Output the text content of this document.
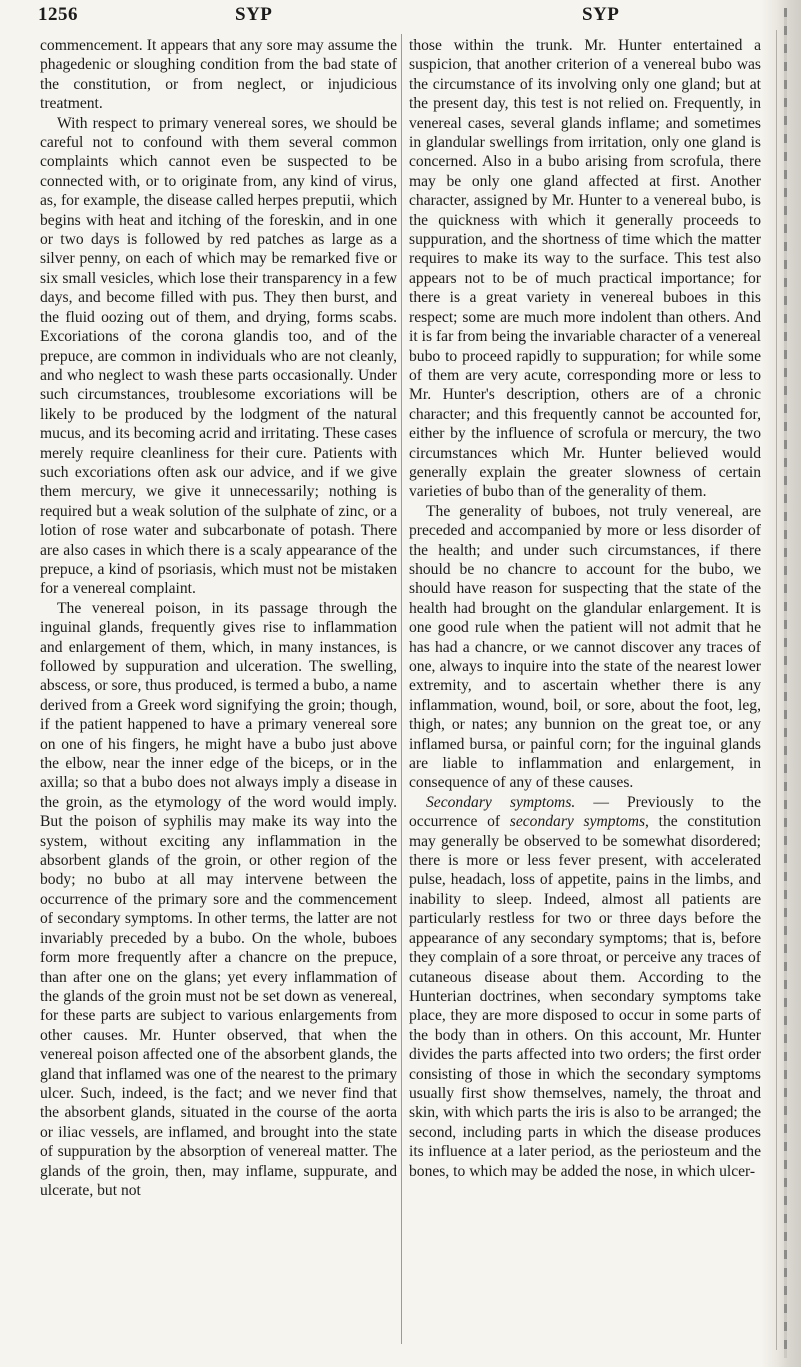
1256	SYP	SYP

commencement. It appears that any sore may assume the phagedenic or sloughing condition from the bad state of the constitution, or from neglect, or injudicious treatment.

With respect to primary venereal sores, we should be careful not to confound with them several common complaints which cannot even be suspected to be connected with, or to originate from, any kind of virus, as, for example, the disease called herpes preputii, which begins with heat and itching of the foreskin, and in one or two days is followed by red patches as large as a silver penny, on each of which may be remarked five or six small vesicles, which lose their transparency in a few days, and become filled with pus. They then burst, and the fluid oozing out of them, and drying, forms scabs. Excoriations of the corona glandis too, and of the prepuce, are common in individuals who are not cleanly, and who neglect to wash these parts occasionally. Under such circumstances, troublesome excoriations will be likely to be produced by the lodgment of the natural mucus, and its becoming acrid and irritating. These cases merely require cleanliness for their cure. Patients with such excoriations often ask our advice, and if we give them mercury, we give it unnecessarily; nothing is required but a weak solution of the sulphate of zinc, or a lotion of rose water and subcarbonate of potash. There are also cases in which there is a scaly appearance of the prepuce, a kind of psoriasis, which must not be mistaken for a venereal complaint.

The venereal poison, in its passage through the inguinal glands, frequently gives rise to inflammation and enlargement of them, which, in many instances, is followed by suppuration and ulceration. The swelling, abscess, or sore, thus produced, is termed a bubo, a name derived from a Greek word signifying the groin; though, if the patient happened to have a primary venereal sore on one of his fingers, he might have a bubo just above the elbow, near the inner edge of the biceps, or in the axilla; so that a bubo does not always imply a disease in the groin, as the etymology of the word would imply. But the poison of syphilis may make its way into the system, without exciting any inflammation in the absorbent glands of the groin, or other region of the body; no bubo at all may intervene between the occurrence of the primary sore and the commencement of secondary symptoms. In other terms, the latter are not invariably preceded by a bubo. On the whole, buboes form more frequently after a chancre on the prepuce, than after one on the glans; yet every inflammation of the glands of the groin must not be set down as venereal, for these parts are subject to various enlargements from other causes. Mr. Hunter observed, that when the venereal poison affected one of the absorbent glands, the gland that inflamed was one of the nearest to the primary ulcer. Such, indeed, is the fact; and we never find that the absorbent glands, situated in the course of the aorta or iliac vessels, are inflamed, and brought into the state of suppuration by the absorption of venereal matter. The glands of the groin, then, may inflame, suppurate, and ulcerate, but not

those within the trunk. Mr. Hunter entertained a suspicion, that another criterion of a venereal bubo was the circumstance of its involving only one gland; but at the present day, this test is not relied on. Frequently, in venereal cases, several glands inflame; and sometimes in glandular swellings from irritation, only one gland is concerned. Also in a bubo arising from scrofula, there may be only one gland affected at first. Another character, assigned by Mr. Hunter to a venereal bubo, is the quickness with which it generally proceeds to suppuration, and the shortness of time which the matter requires to make its way to the surface. This test also appears not to be of much practical importance; for there is a great variety in venereal buboes in this respect; some are much more indolent than others. And it is far from being the invariable character of a venereal bubo to proceed rapidly to suppuration; for while some of them are very acute, corresponding more or less to Mr. Hunter's description, others are of a chronic character; and this frequently cannot be accounted for, either by the influence of scrofula or mercury, the two circumstances which Mr. Hunter believed would generally explain the greater slowness of certain varieties of bubo than of the generality of them.

The generality of buboes, not truly venereal, are preceded and accompanied by more or less disorder of the health; and under such circumstances, if there should be no chancre to account for the bubo, we should have reason for suspecting that the state of the health had brought on the glandular enlargement. It is one good rule when the patient will not admit that he has had a chancre, or we cannot discover any traces of one, always to inquire into the state of the nearest lower extremity, and to ascertain whether there is any inflammation, wound, boil, or sore, about the foot, leg, thigh, or nates; any bunnion on the great toe, or any inflamed bursa, or painful corn; for the inguinal glands are liable to inflammation and enlargement, in consequence of any of these causes.

Secondary symptoms. — Previously to the occurrence of secondary symptoms, the constitution may generally be observed to be somewhat disordered; there is more or less fever present, with accelerated pulse, headach, loss of appetite, pains in the limbs, and inability to sleep. Indeed, almost all patients are particularly restless for two or three days before the appearance of any secondary symptoms; that is, before they complain of a sore throat, or perceive any traces of cutaneous disease about them. According to the Hunterian doctrines, when secondary symptoms take place, they are more disposed to occur in some parts of the body than in others. On this account, Mr. Hunter divides the parts affected into two orders; the first order consisting of those in which the secondary symptoms usually first show themselves, namely, the throat and skin, with which parts the iris is also to be arranged; the second, including parts in which the disease produces its influence at a later period, as the periosteum and the bones, to which may be added the nose, in which ulcer-
